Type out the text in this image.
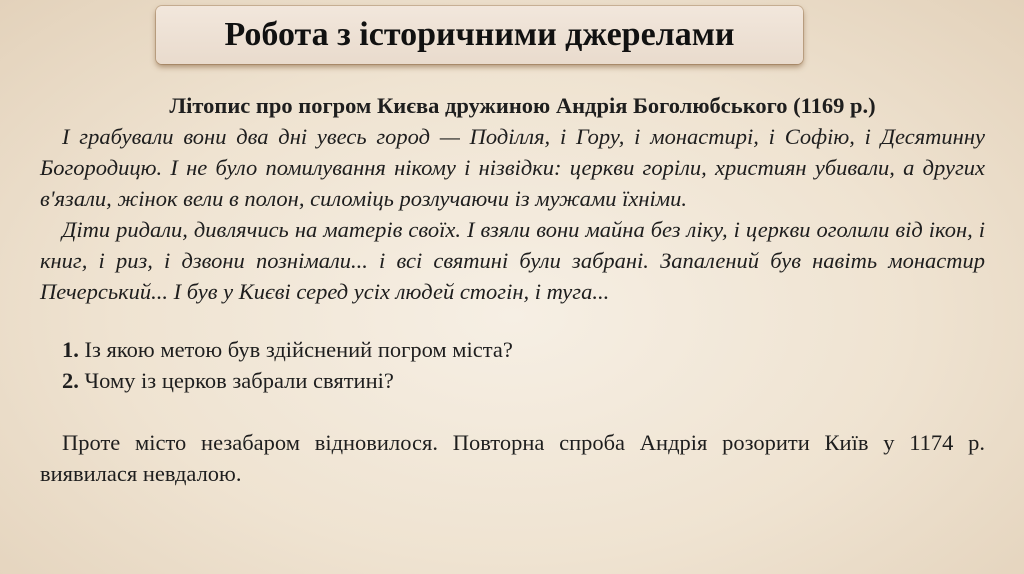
Робота з історичними джерелами

Літопис про погром Києва дружиною Андрія Боголюбського (1169 р.)

І грабували вони два дні увесь город — Поділля, і Гору, і монастирі, і Софію, і Десятинну Богородицю. І не було помилування нікому і нізвідки: церкви горіли, християн убивали, а других в'язали, жінок вели в полон, силоміць розлучаючи із мужами їхніми.

Діти ридали, дивлячись на матерів своїх. І взяли вони майна без ліку, і церкви оголили від ікон, і книг, і риз, і дзвони познімали... і всі святині були забрані. Запалений був навіть монастир Печерський... І був у Києві серед усіх людей стогін, і туга...

1. Із якою метою був здійснений погром міста?
2. Чому із церков забрали святині?

Проте місто незабаром відновилося. Повторна спроба Андрія розорити Київ у 1174 р. виявилася невдалою.
